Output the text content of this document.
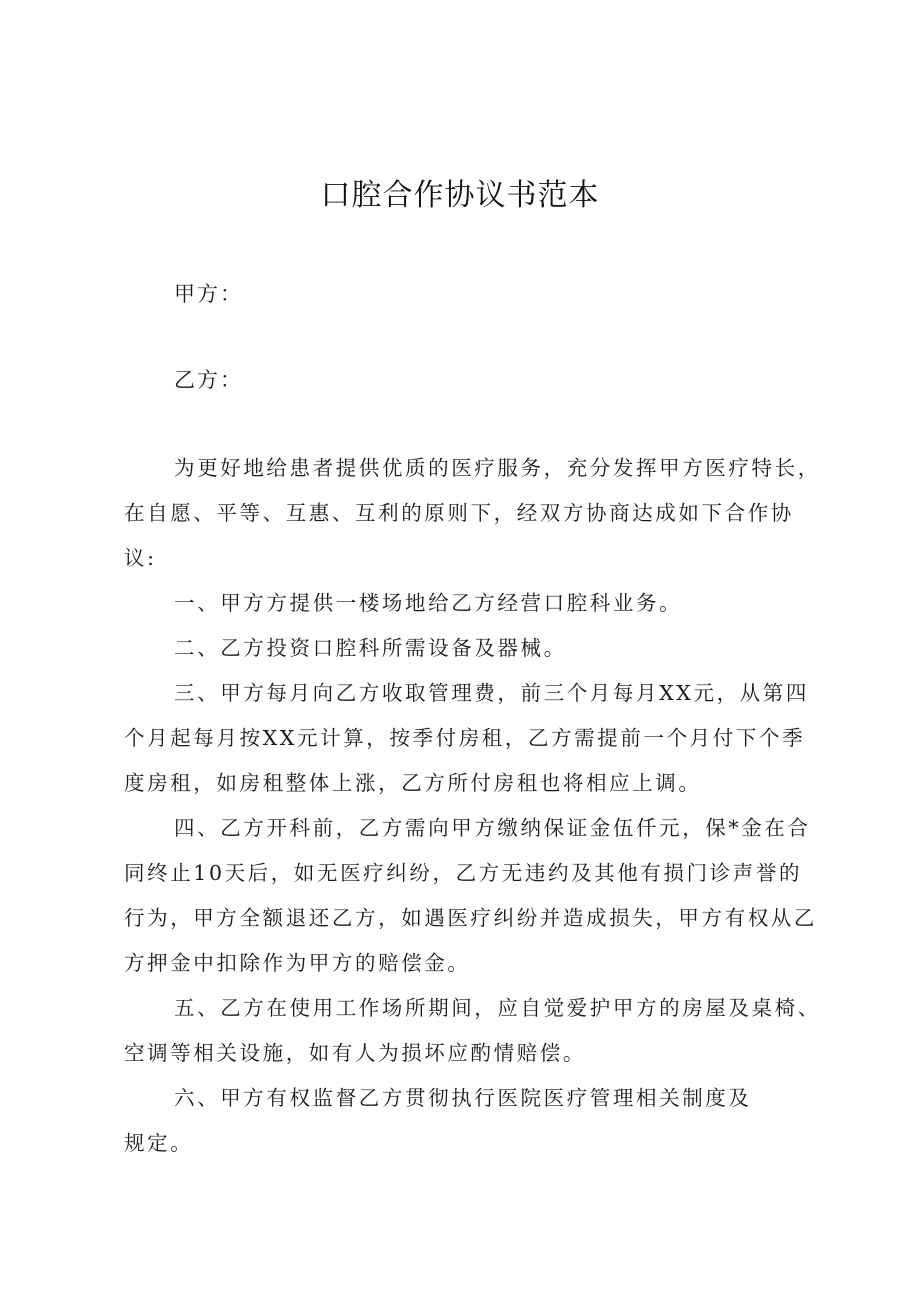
口腔合作协议书范本
甲方：
乙方：

为更好地给患者提供优质的医疗服务，充分发挥甲方医疗特长，在自愿、平等、互惠、互利的原则下，经双方协商达成如下合作协议:

一、甲方方提供一楼场地给乙方经营口腔科业务。

二、乙方投资口腔科所需设备及器械。

三、甲方每月向乙方收取管理费，前三个月每月XX元，从第四个月起每月按XX元计算，按季付房租，乙方需提前一个月付下个季度房租，如房租整体上涨，乙方所付房租也将相应上调。

四、乙方开科前，乙方需向甲方缴纳保证金伍仟元，保*金在合同终止10天后，如无医疗纠纷，乙方无违约及其他有损门诊声誉的行为，甲方全额退还乙方，如遇医疗纠纷并造成损失，甲方有权从乙方押金中扣除作为甲方的赔偿金。

五、乙方在使用工作场所期间，应自觉爱护甲方的房屋及桌椅、空调等相关设施，如有人为损坏应酌情赔偿。

六、甲方有权监督乙方贯彻执行医院医疗管理相关制度及

规定。
